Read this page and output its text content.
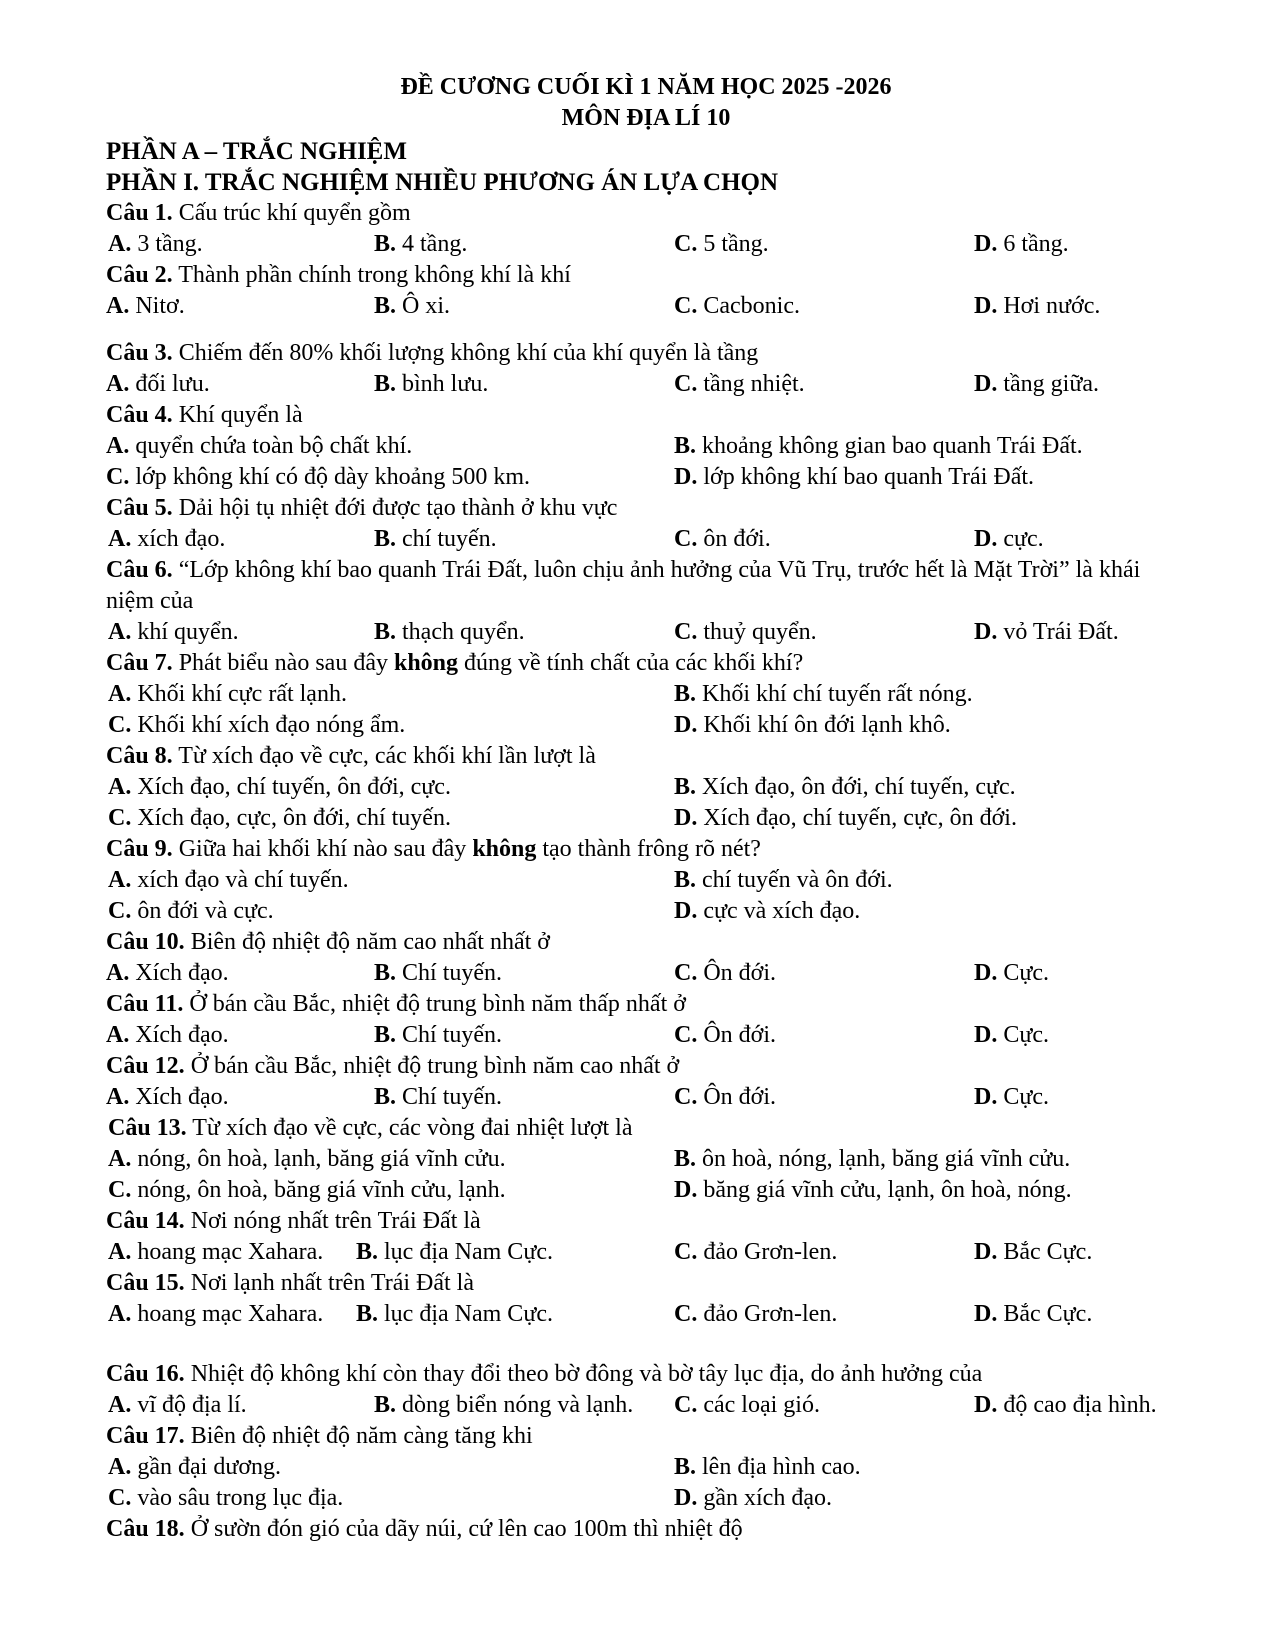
ĐỀ CƯƠNG CUỐI KÌ 1 NĂM HỌC 2025 -2026
MÔN ĐỊA LÍ 10
PHẦN A – TRẮC NGHIỆM
PHẦN I. TRẮC NGHIỆM NHIỀU PHƯƠNG ÁN LỰA CHỌN
Câu 1. Cấu trúc khí quyển gồm
A. 3 tầng.	B. 4 tầng.	C. 5 tầng.	D. 6 tầng.
Câu 2. Thành phần chính trong không khí là khí
A. Nitơ.	B. Ô xi.	C. Cacbonic.	D. Hơi nước.
Câu 3. Chiếm đến 80% khối lượng không khí của khí quyển là tầng
A. đối lưu.	B. bình lưu.	C. tầng nhiệt.	D. tầng giữa.
Câu 4. Khí quyển là
A. quyển chứa toàn bộ chất khí.	B. khoảng không gian bao quanh Trái Đất.
C. lớp không khí có độ dày khoảng 500 km.	D. lớp không khí bao quanh Trái Đất.
Câu 5. Dải hội tụ nhiệt đới được tạo thành ở khu vực
A. xích đạo.	B. chí tuyến.	C. ôn đới.	D. cực.
Câu 6. “Lớp không khí bao quanh Trái Đất, luôn chịu ảnh hưởng của Vũ Trụ, trước hết là Mặt Trời” là khái niệm của
A. khí quyển.	B. thạch quyển.	C. thuỷ quyển.	D. vỏ Trái Đất.
Câu 7. Phát biểu nào sau đây không đúng về tính chất của các khối khí?
A. Khối khí cực rất lạnh.	B. Khối khí chí tuyến rất nóng.
C. Khối khí xích đạo nóng ẩm.	D. Khối khí ôn đới lạnh khô.
Câu 8. Từ xích đạo về cực, các khối khí lần lượt là
A. Xích đạo, chí tuyến, ôn đới, cực.	B. Xích đạo, ôn đới, chí tuyến, cực.
C. Xích đạo, cực, ôn đới, chí tuyến.	D. Xích đạo, chí tuyến, cực, ôn đới.
Câu 9. Giữa hai khối khí nào sau đây không tạo thành frông rõ nét?
A. xích đạo và chí tuyến.	B. chí tuyến và ôn đới.
C. ôn đới và cực.	D. cực và xích đạo.
Câu 10. Biên độ nhiệt độ năm cao nhất nhất ở
A. Xích đạo.	B. Chí tuyến.	C. Ôn đới.	D. Cực.
Câu 11. Ở bán cầu Bắc, nhiệt độ trung bình năm thấp nhất ở
A. Xích đạo.	B. Chí tuyến.	C. Ôn đới.	D. Cực.
Câu 12. Ở bán cầu Bắc, nhiệt độ trung bình năm cao nhất ở
A. Xích đạo.	B. Chí tuyến.	C. Ôn đới.	D. Cực.
Câu 13. Từ xích đạo về cực, các vòng đai nhiệt lượt là
A. nóng, ôn hoà, lạnh, băng giá vĩnh cửu.	B. ôn hoà, nóng, lạnh, băng giá vĩnh cửu.
C. nóng, ôn hoà, băng giá vĩnh cửu, lạnh.	D. băng giá vĩnh cửu, lạnh, ôn hoà, nóng.
Câu 14. Nơi nóng nhất trên Trái Đất là
A. hoang mạc Xahara. B. lục địa Nam Cực.	C. đảo Grơn-len.	D. Bắc Cực.
Câu 15. Nơi lạnh nhất trên Trái Đất là
A. hoang mạc Xahara. B. lục địa Nam Cực.	C. đảo Grơn-len.	D. Bắc Cực.
Câu 16. Nhiệt độ không khí còn thay đổi theo bờ đông và bờ tây lục địa, do ảnh hưởng của
A. vĩ độ địa lí.	B. dòng biển nóng và lạnh. C. các loại gió.	D. độ cao địa hình.
Câu 17. Biên độ nhiệt độ năm càng tăng khi
A. gần đại dương.	B. lên địa hình cao.
C. vào sâu trong lục địa.	D. gần xích đạo.
Câu 18. Ở sườn đón gió của dãy núi, cứ lên cao 100m thì nhiệt độ
